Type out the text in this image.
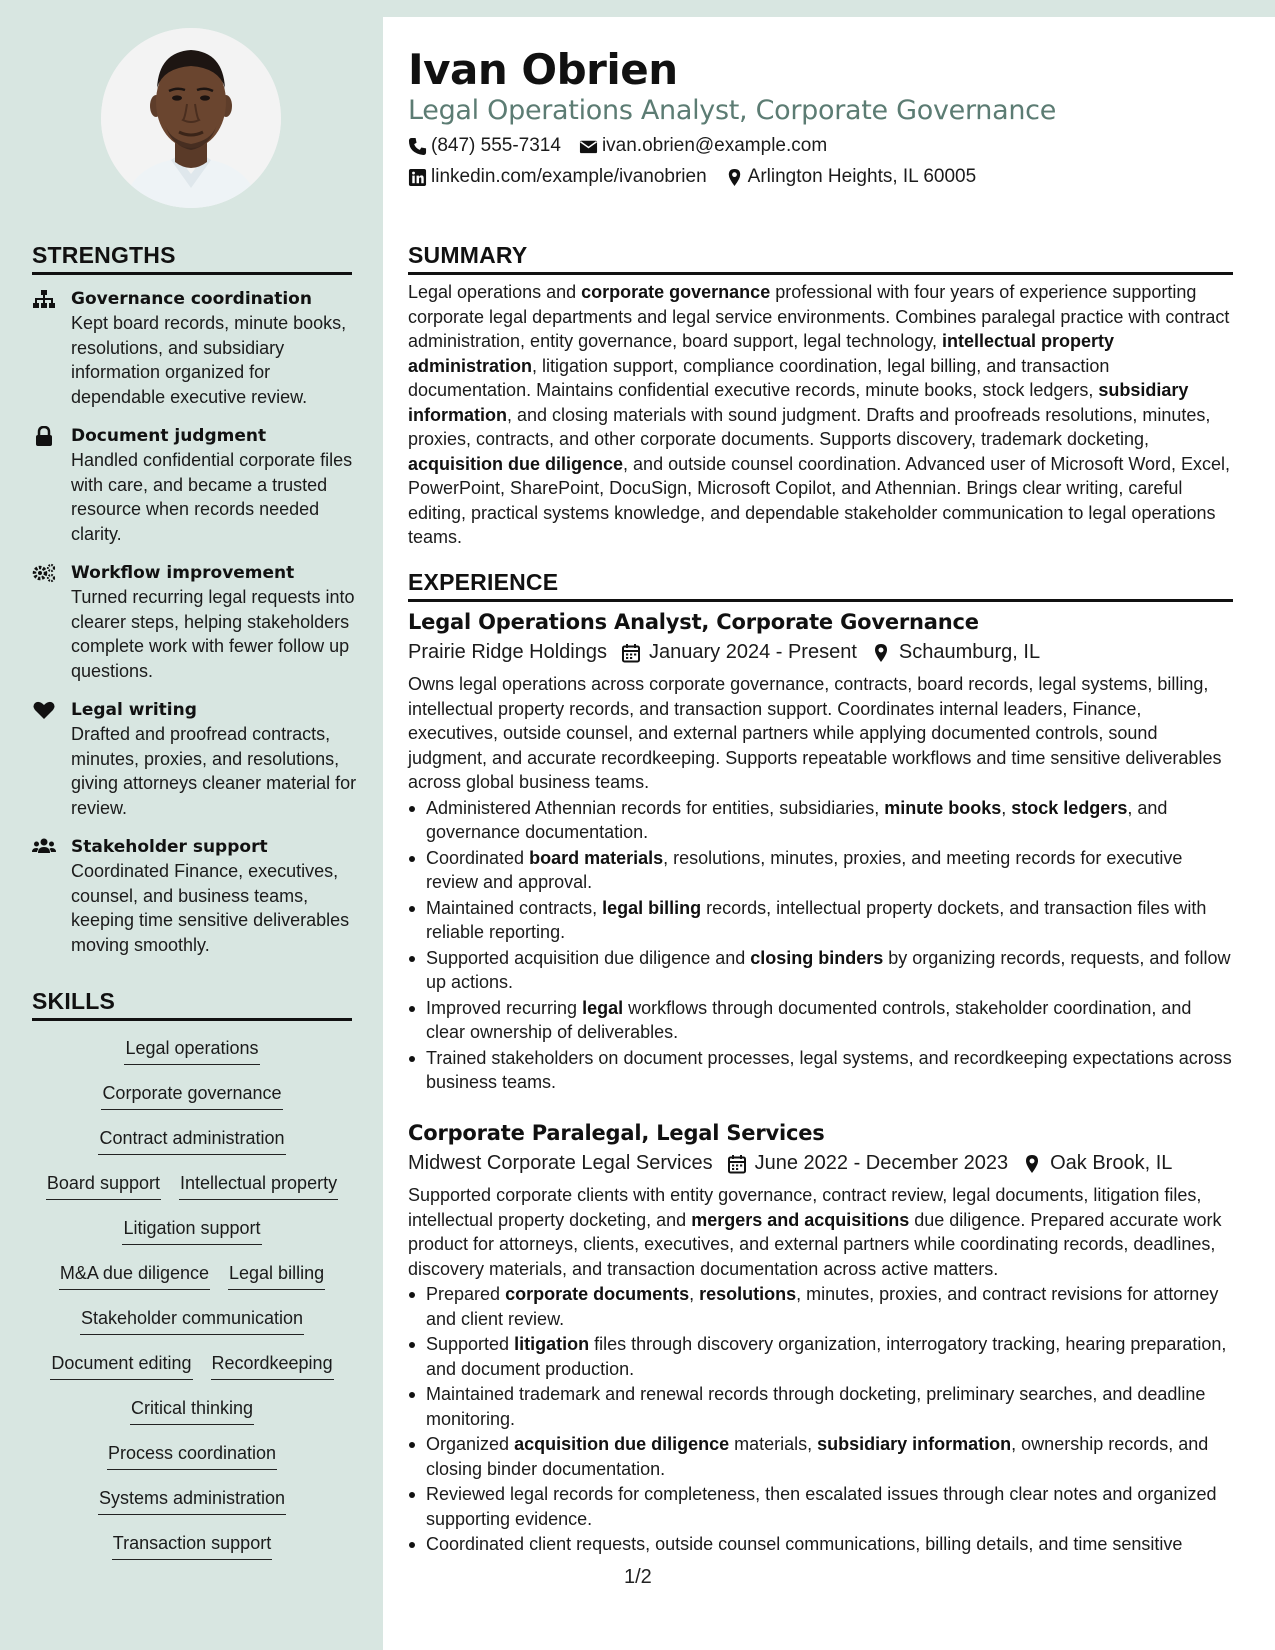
STRENGTHS
Governance coordination
Kept board records, minute books, resolutions, and subsidiary information organized for dependable executive review.
Document judgment
Handled confidential corporate files with care, and became a trusted resource when records needed clarity.
Workflow improvement
Turned recurring legal requests into clearer steps, helping stakeholders complete work with fewer follow up questions.
Legal writing
Drafted and proofread contracts, minutes, proxies, and resolutions, giving attorneys cleaner material for review.
Stakeholder support
Coordinated Finance, executives, counsel, and business teams, keeping time sensitive deliverables moving smoothly.
SKILLS
Legal operations
Corporate governance
Contract administration
Board support Intellectual property
Litigation support
M&A due diligence Legal billing
Stakeholder communication
Document editing Recordkeeping
Critical thinking
Process coordination
Systems administration
Transaction support
Ivan Obrien
Legal Operations Analyst, Corporate Governance
(847) 555-7314 ivan.obrien@example.com
linkedin.com/example/ivanobrien Arlington Heights, IL 60005
SUMMARY
Legal operations and corporate governance professional with four years of experience supporting corporate legal departments and legal service environments. Combines paralegal practice with contract administration, entity governance, board support, legal technology, intellectual property administration, litigation support, compliance coordination, legal billing, and transaction documentation. Maintains confidential executive records, minute books, stock ledgers, subsidiary information, and closing materials with sound judgment. Drafts and proofreads resolutions, minutes, proxies, contracts, and other corporate documents. Supports discovery, trademark docketing, acquisition due diligence, and outside counsel coordination. Advanced user of Microsoft Word, Excel, PowerPoint, SharePoint, DocuSign, Microsoft Copilot, and Athennian. Brings clear writing, careful editing, practical systems knowledge, and dependable stakeholder communication to legal operations teams.
EXPERIENCE
Legal Operations Analyst, Corporate Governance
Prairie Ridge Holdings January 2024 - Present Schaumburg, IL
Owns legal operations across corporate governance, contracts, board records, legal systems, billing, intellectual property records, and transaction support. Coordinates internal leaders, Finance, executives, outside counsel, and external partners while applying documented controls, sound judgment, and accurate recordkeeping. Supports repeatable workflows and time sensitive deliverables across global business teams.
Administered Athennian records for entities, subsidiaries, minute books, stock ledgers, and governance documentation.
Coordinated board materials, resolutions, minutes, proxies, and meeting records for executive review and approval.
Maintained contracts, legal billing records, intellectual property dockets, and transaction files with reliable reporting.
Supported acquisition due diligence and closing binders by organizing records, requests, and follow up actions.
Improved recurring legal workflows through documented controls, stakeholder coordination, and clear ownership of deliverables.
Trained stakeholders on document processes, legal systems, and recordkeeping expectations across business teams.
Corporate Paralegal, Legal Services
Midwest Corporate Legal Services June 2022 - December 2023 Oak Brook, IL
Supported corporate clients with entity governance, contract review, legal documents, litigation files, intellectual property docketing, and mergers and acquisitions due diligence. Prepared accurate work product for attorneys, clients, executives, and external partners while coordinating records, deadlines, discovery materials, and transaction documentation across active matters.
Prepared corporate documents, resolutions, minutes, proxies, and contract revisions for attorney and client review.
Supported litigation files through discovery organization, interrogatory tracking, hearing preparation, and document production.
Maintained trademark and renewal records through docketing, preliminary searches, and deadline monitoring.
Organized acquisition due diligence materials, subsidiary information, ownership records, and closing binder documentation.
Reviewed legal records for completeness, then escalated issues through clear notes and organized supporting evidence.
Coordinated client requests, outside counsel communications, billing details, and time sensitive
1/2
